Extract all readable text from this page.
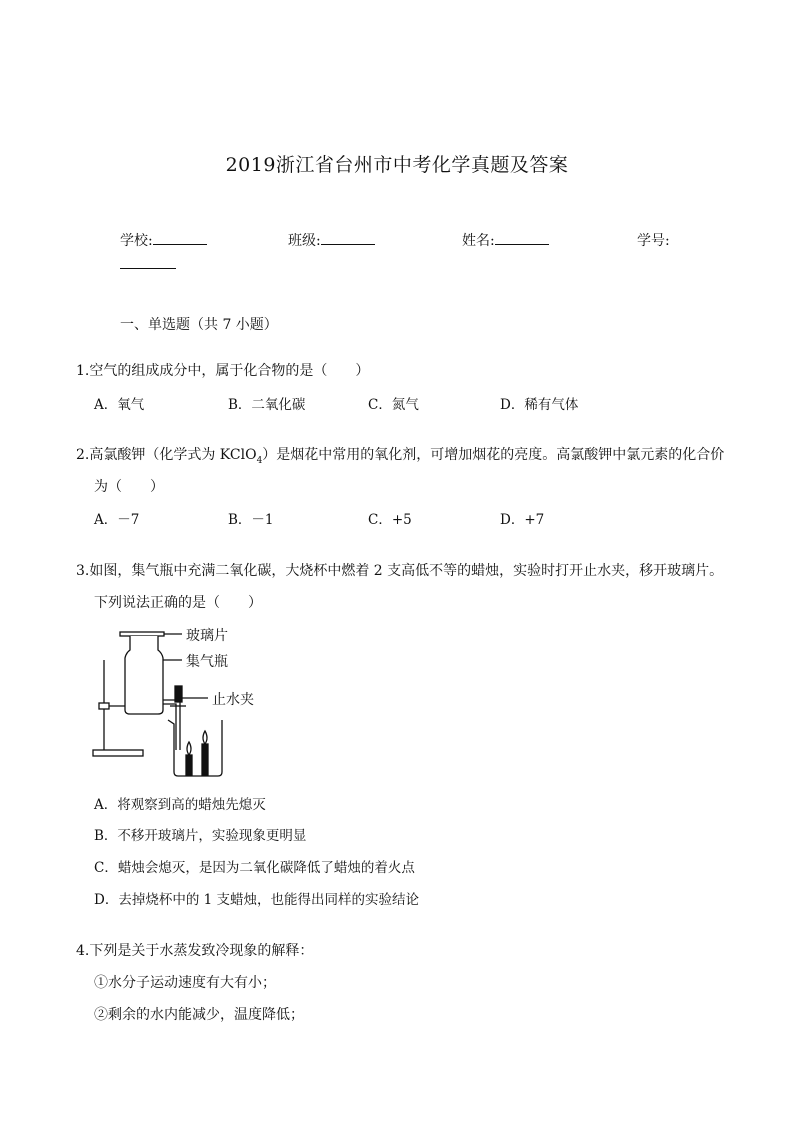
2019浙江省台州市中考化学真题及答案
学校:	班级:	姓名:	学号:
一、单选题（共 7 小题）
1.空气的组成成分中，属于化合物的是（　　）
A．氧气	B．二氧化碳	C．氮气	D．稀有气体
2.高氯酸钾（化学式为 KClO$_4$）是烟花中常用的氧化剂，可增加烟花的亮度。高氯酸钾中氯元素的化合价
为（　　）
A．－7	B．－1	C．+5	D．+7
3.如图，集气瓶中充满二氧化碳，大烧杯中燃着 2 支高低不等的蜡烛，实验时打开止水夹，移开玻璃片。
下列说法正确的是（　　）
玻璃片
集气瓶
止水夹
A．将观察到高的蜡烛先熄灭
B．不移开玻璃片，实验现象更明显
C．蜡烛会熄灭，是因为二氧化碳降低了蜡烛的着火点
D．去掉烧杯中的 1 支蜡烛，也能得出同样的实验结论
4.下列是关于水蒸发致冷现象的解释：
①水分子运动速度有大有小；
②剩余的水内能减少，温度降低；
